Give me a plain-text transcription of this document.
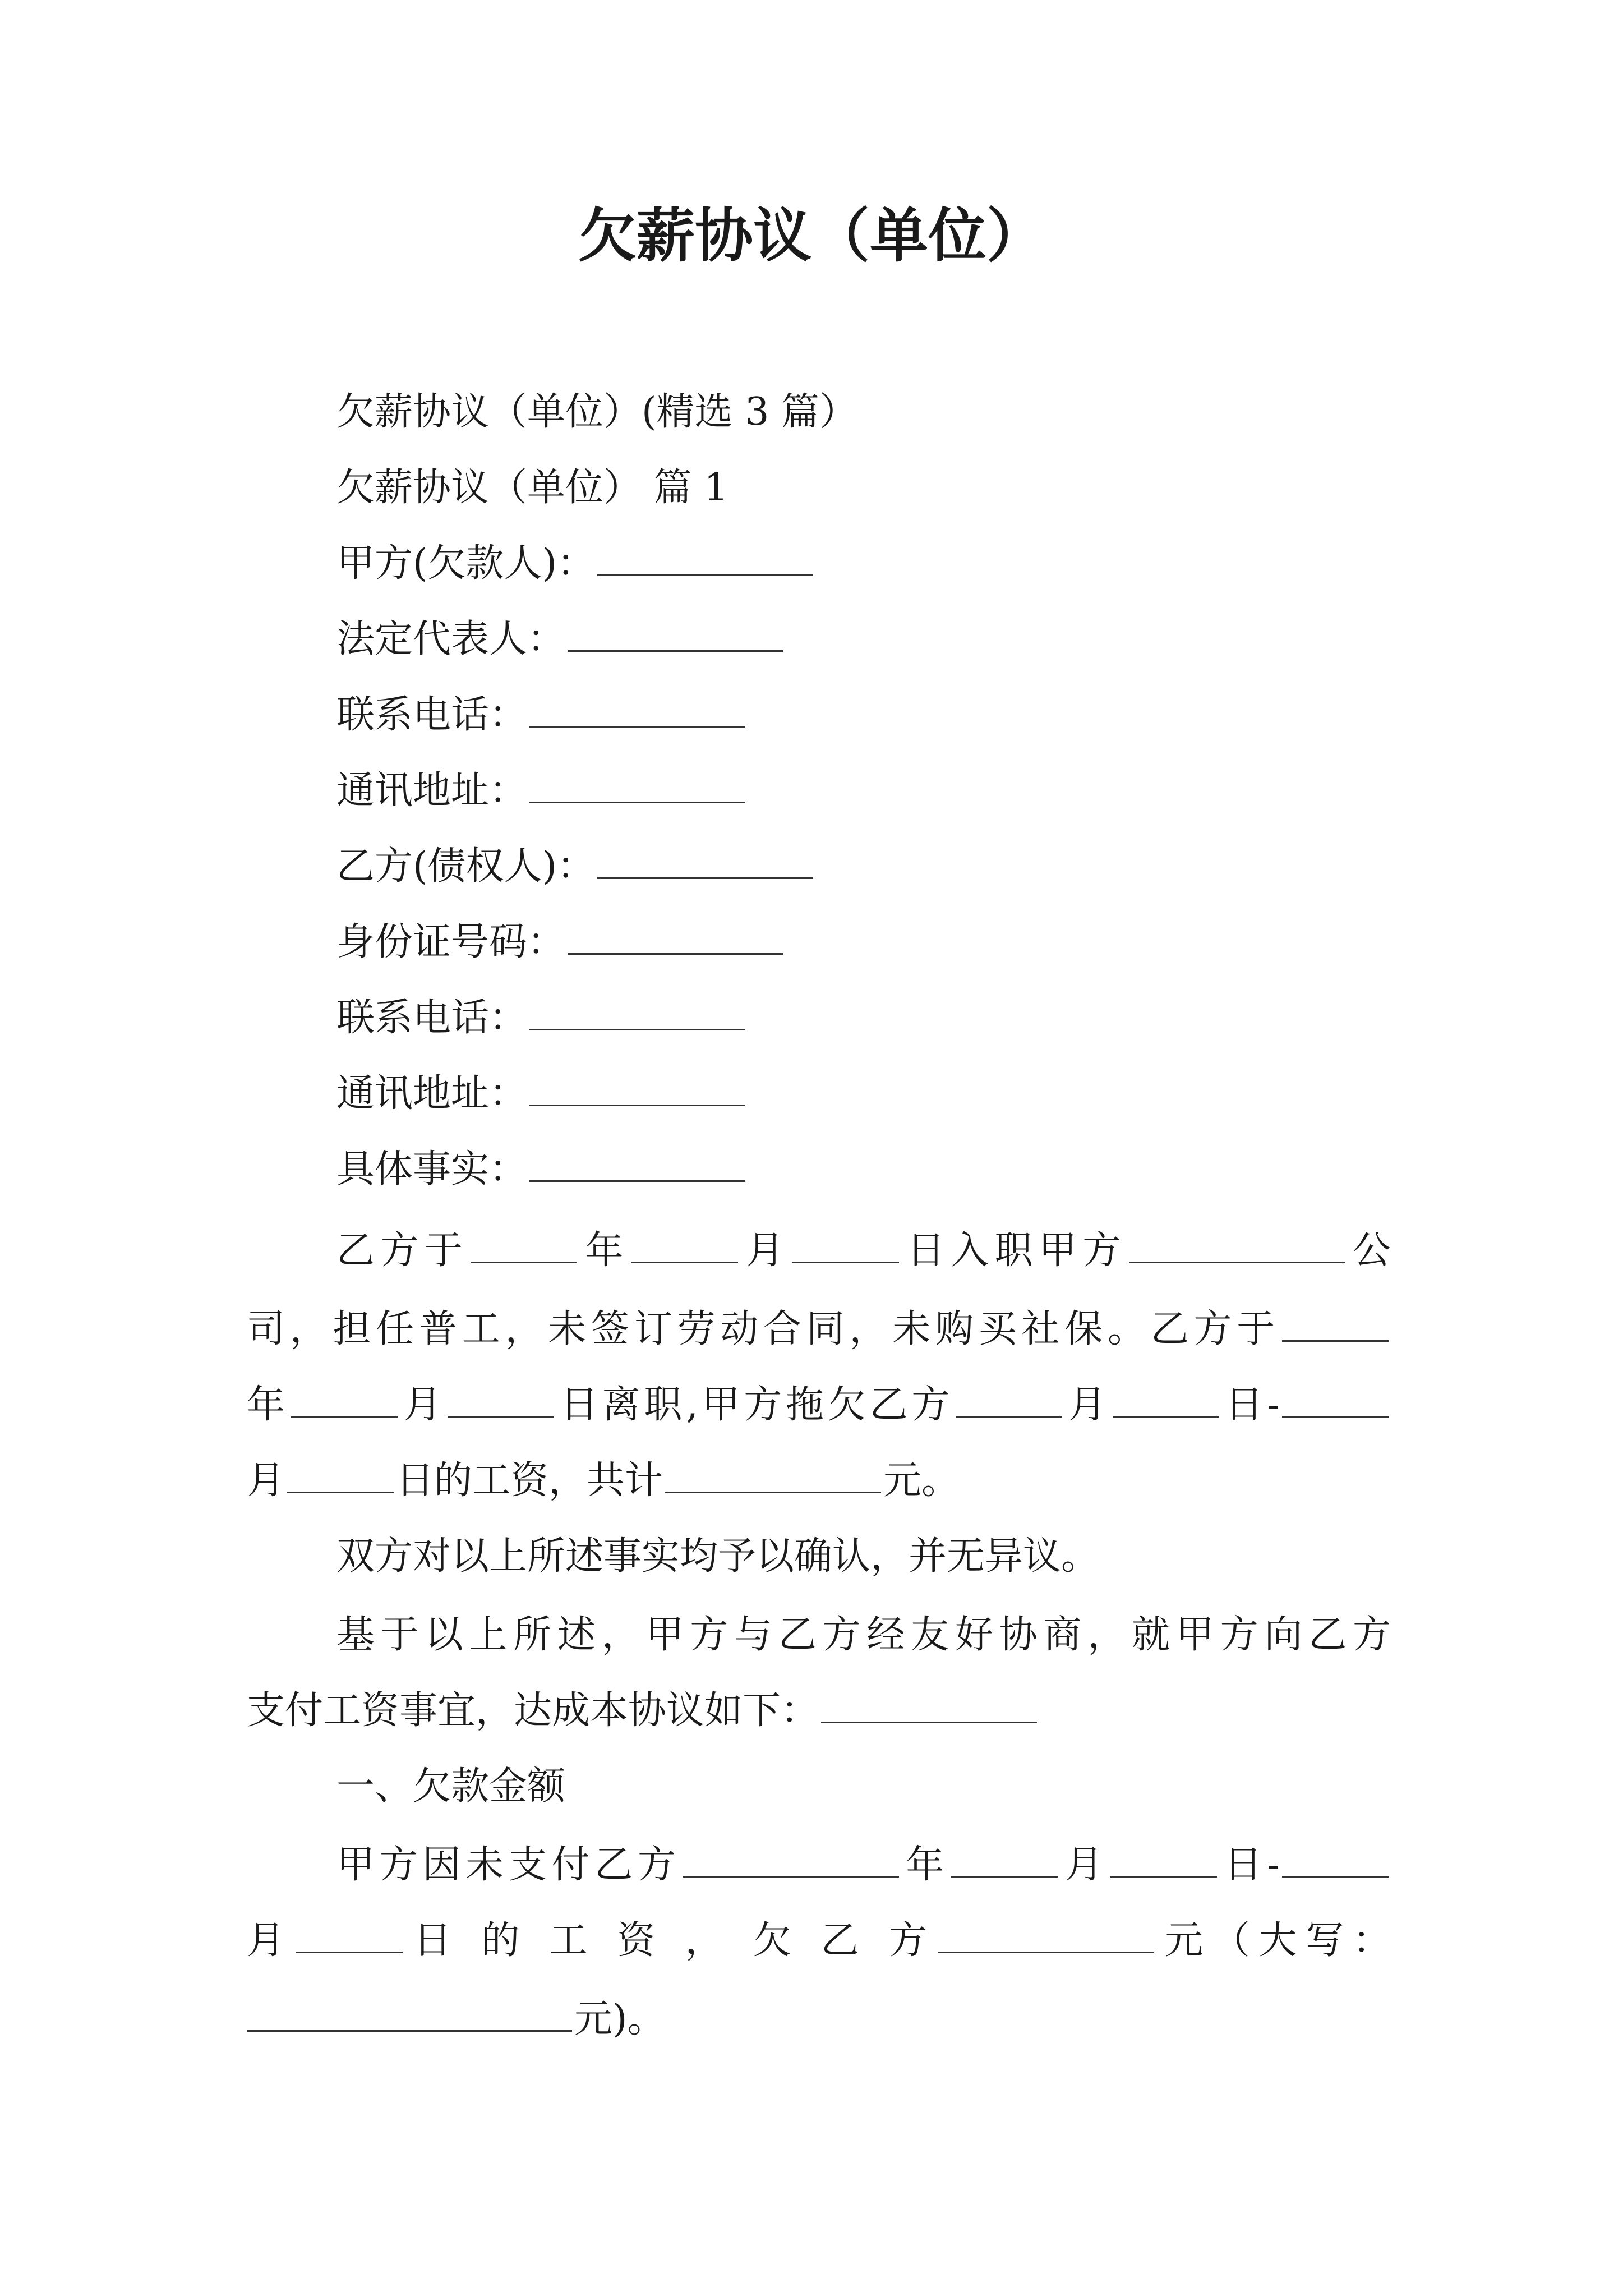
欠薪协议（单位）
欠薪协议（单位）(精选 3 篇）
欠薪协议（单位） 篇 1
甲方(欠款人)：
法定代表人：
联系电话：
通讯地址：
乙方(债权人)：
身份证号码：
联系电话：
通讯地址：
具体事实：
乙方于	年	月	日入职甲方	公
司，担任普工，未签订劳动合同，未购买社保。乙方于
年	月	日离职,甲方拖欠乙方	月	日-
月	日的工资，共计	元。
双方对以上所述事实均予以确认，并无异议。
基于以上所述，甲方与乙方经友好协商，就甲方向乙方
支付工资事宜，达成本协议如下：
一、欠款金额
甲方因未支付乙方	年	月	日-
月	日 的 工 资 ， 欠 乙 方	元（大写：
元)。
